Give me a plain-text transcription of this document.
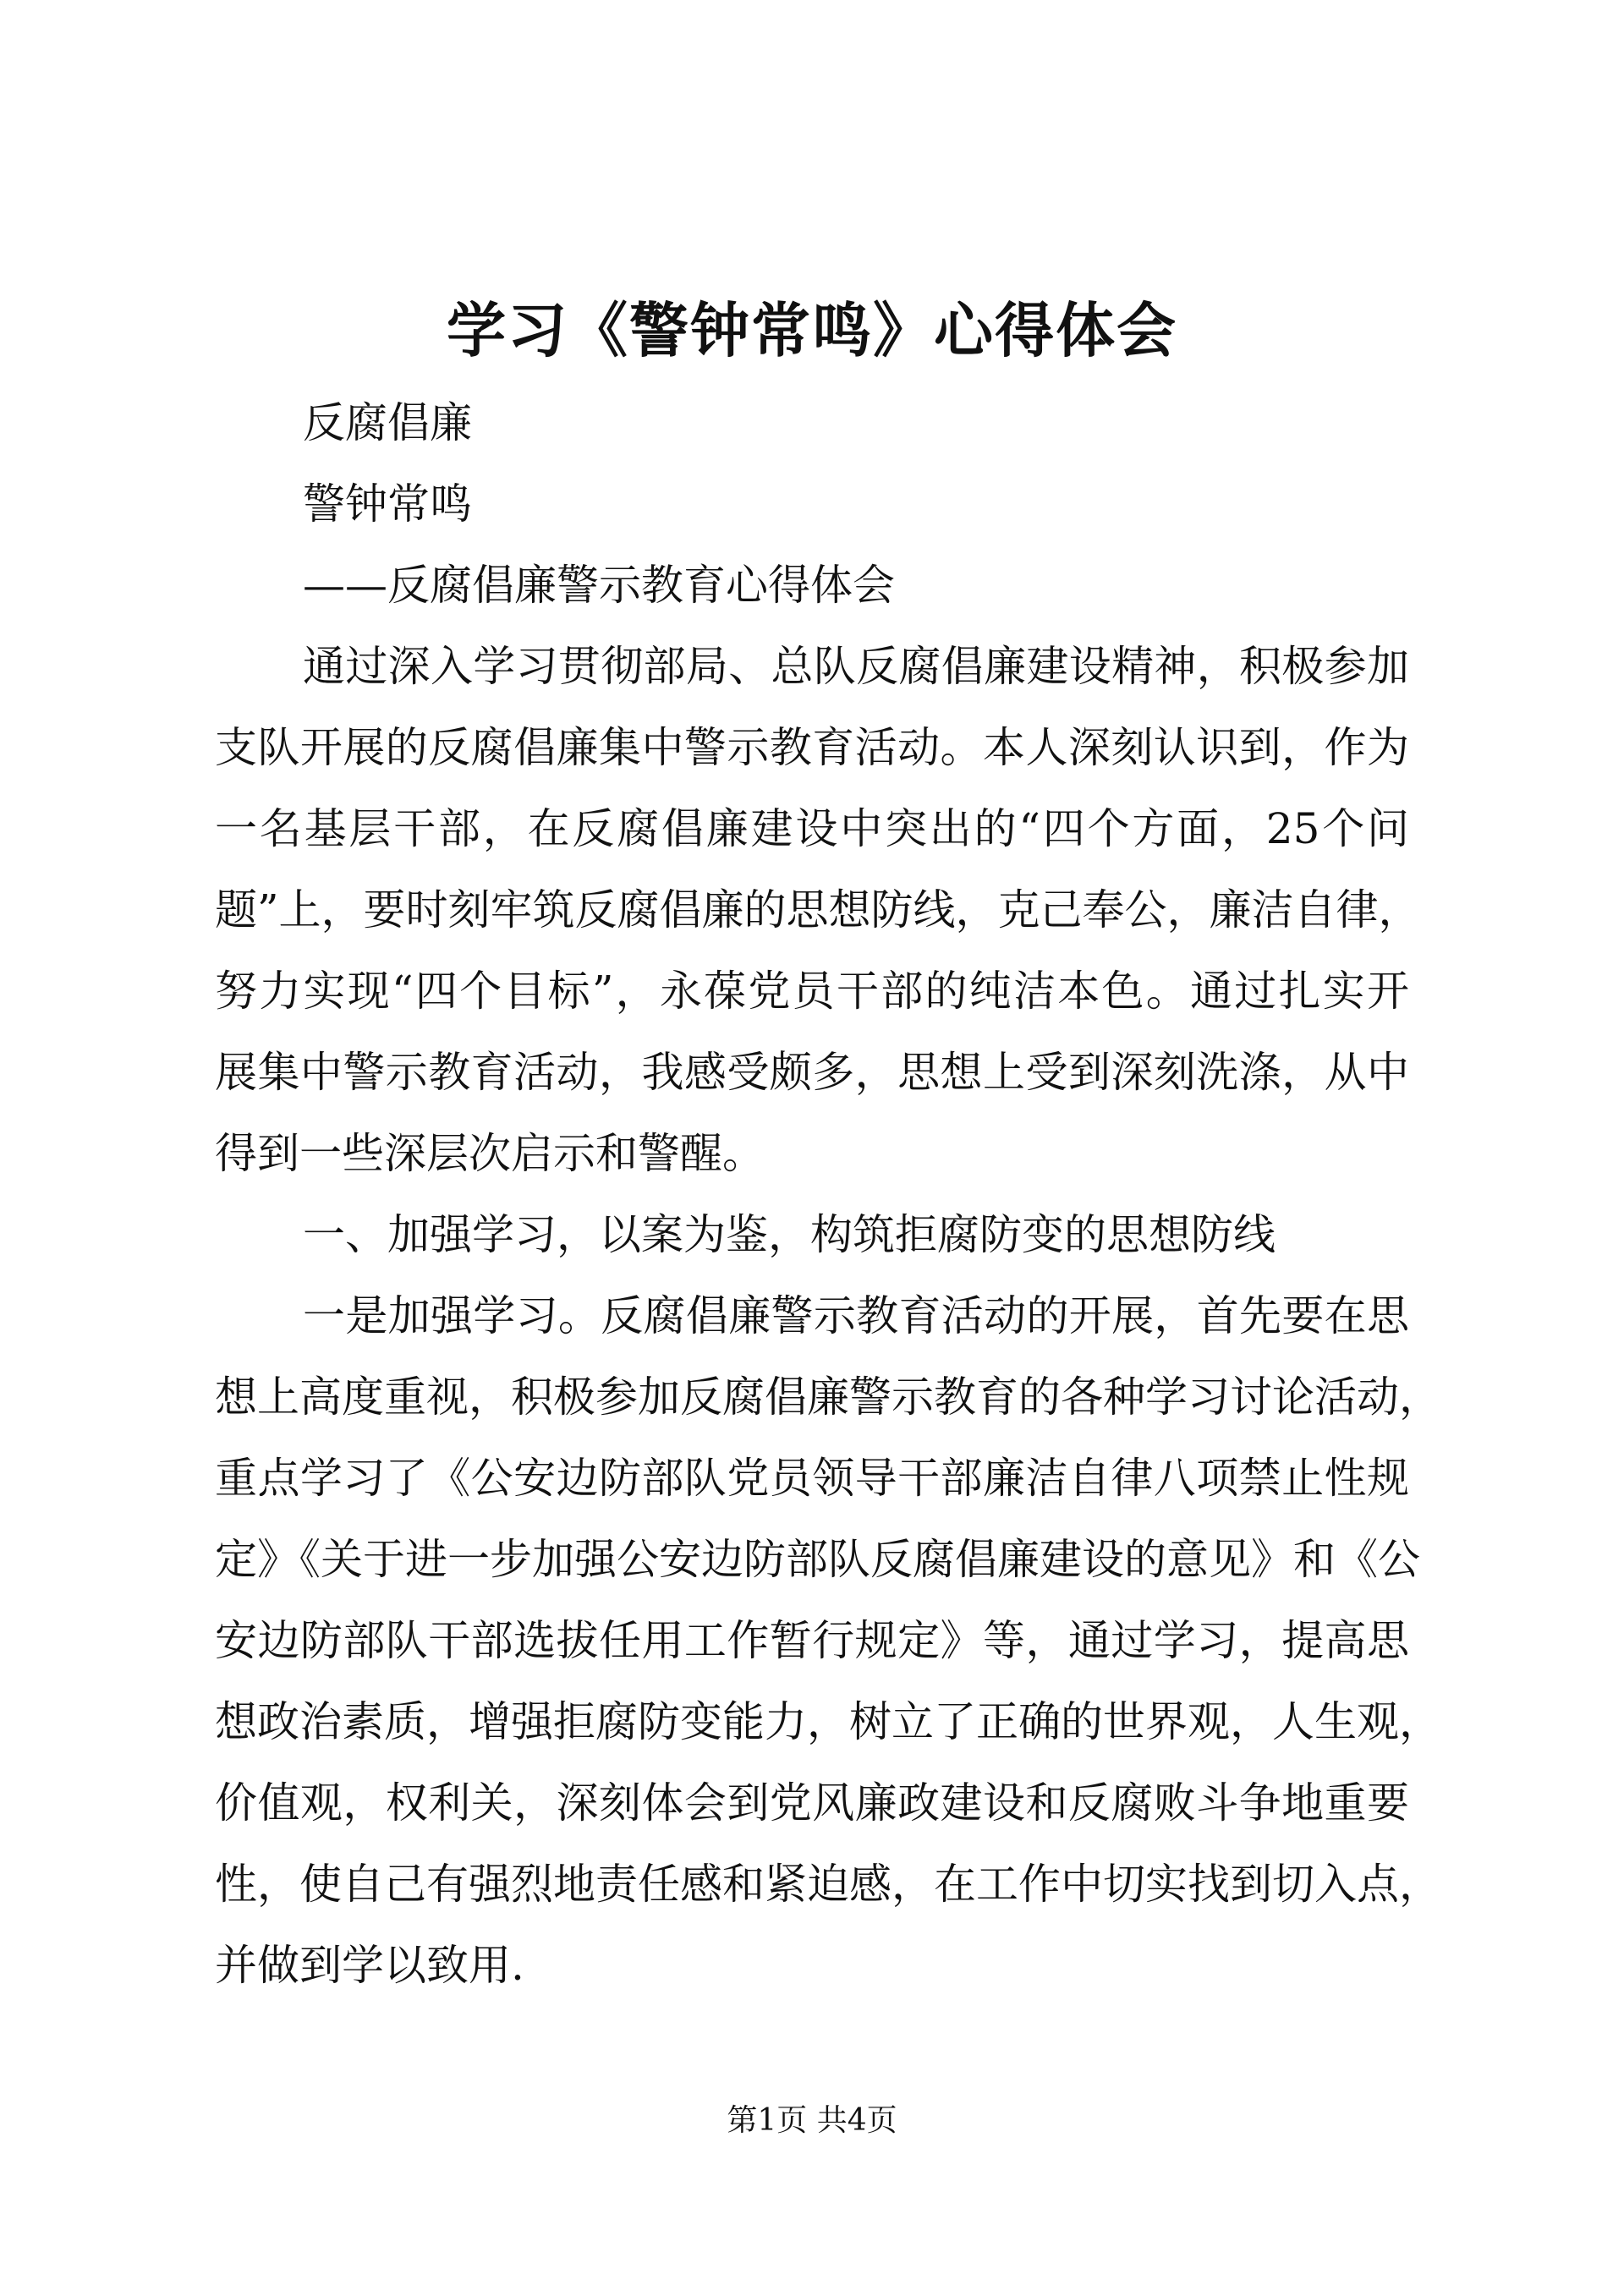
学习《警钟常鸣》心得体会
反腐倡廉
警钟常鸣
——反腐倡廉警示教育心得体会
通过深入学习贯彻部局、总队反腐倡廉建设精神，积极参加
支队开展的反腐倡廉集中警示教育活动。本人深刻认识到，作为
一名基层干部，在反腐倡廉建设中突出的“四个方面，25个问
题”上，要时刻牢筑反腐倡廉的思想防线，克己奉公，廉洁自律，
努力实现“四个目标”，永葆党员干部的纯洁本色。通过扎实开
展集中警示教育活动，我感受颇多，思想上受到深刻洗涤，从中
得到一些深层次启示和警醒。
一、加强学习，以案为鉴，构筑拒腐防变的思想防线
一是加强学习。反腐倡廉警示教育活动的开展，首先要在思
想上高度重视，积极参加反腐倡廉警示教育的各种学习讨论活动，
重点学习了《公安边防部队党员领导干部廉洁自律八项禁止性规
定》《关于进一步加强公安边防部队反腐倡廉建设的意见》和《公
安边防部队干部选拔任用工作暂行规定》等，通过学习，提高思
想政治素质，增强拒腐防变能力，树立了正确的世界观，人生观，
价值观，权利关，深刻体会到党风廉政建设和反腐败斗争地重要
性，使自己有强烈地责任感和紧迫感，在工作中切实找到切入点，
并做到学以致用.
第1页 共4页
